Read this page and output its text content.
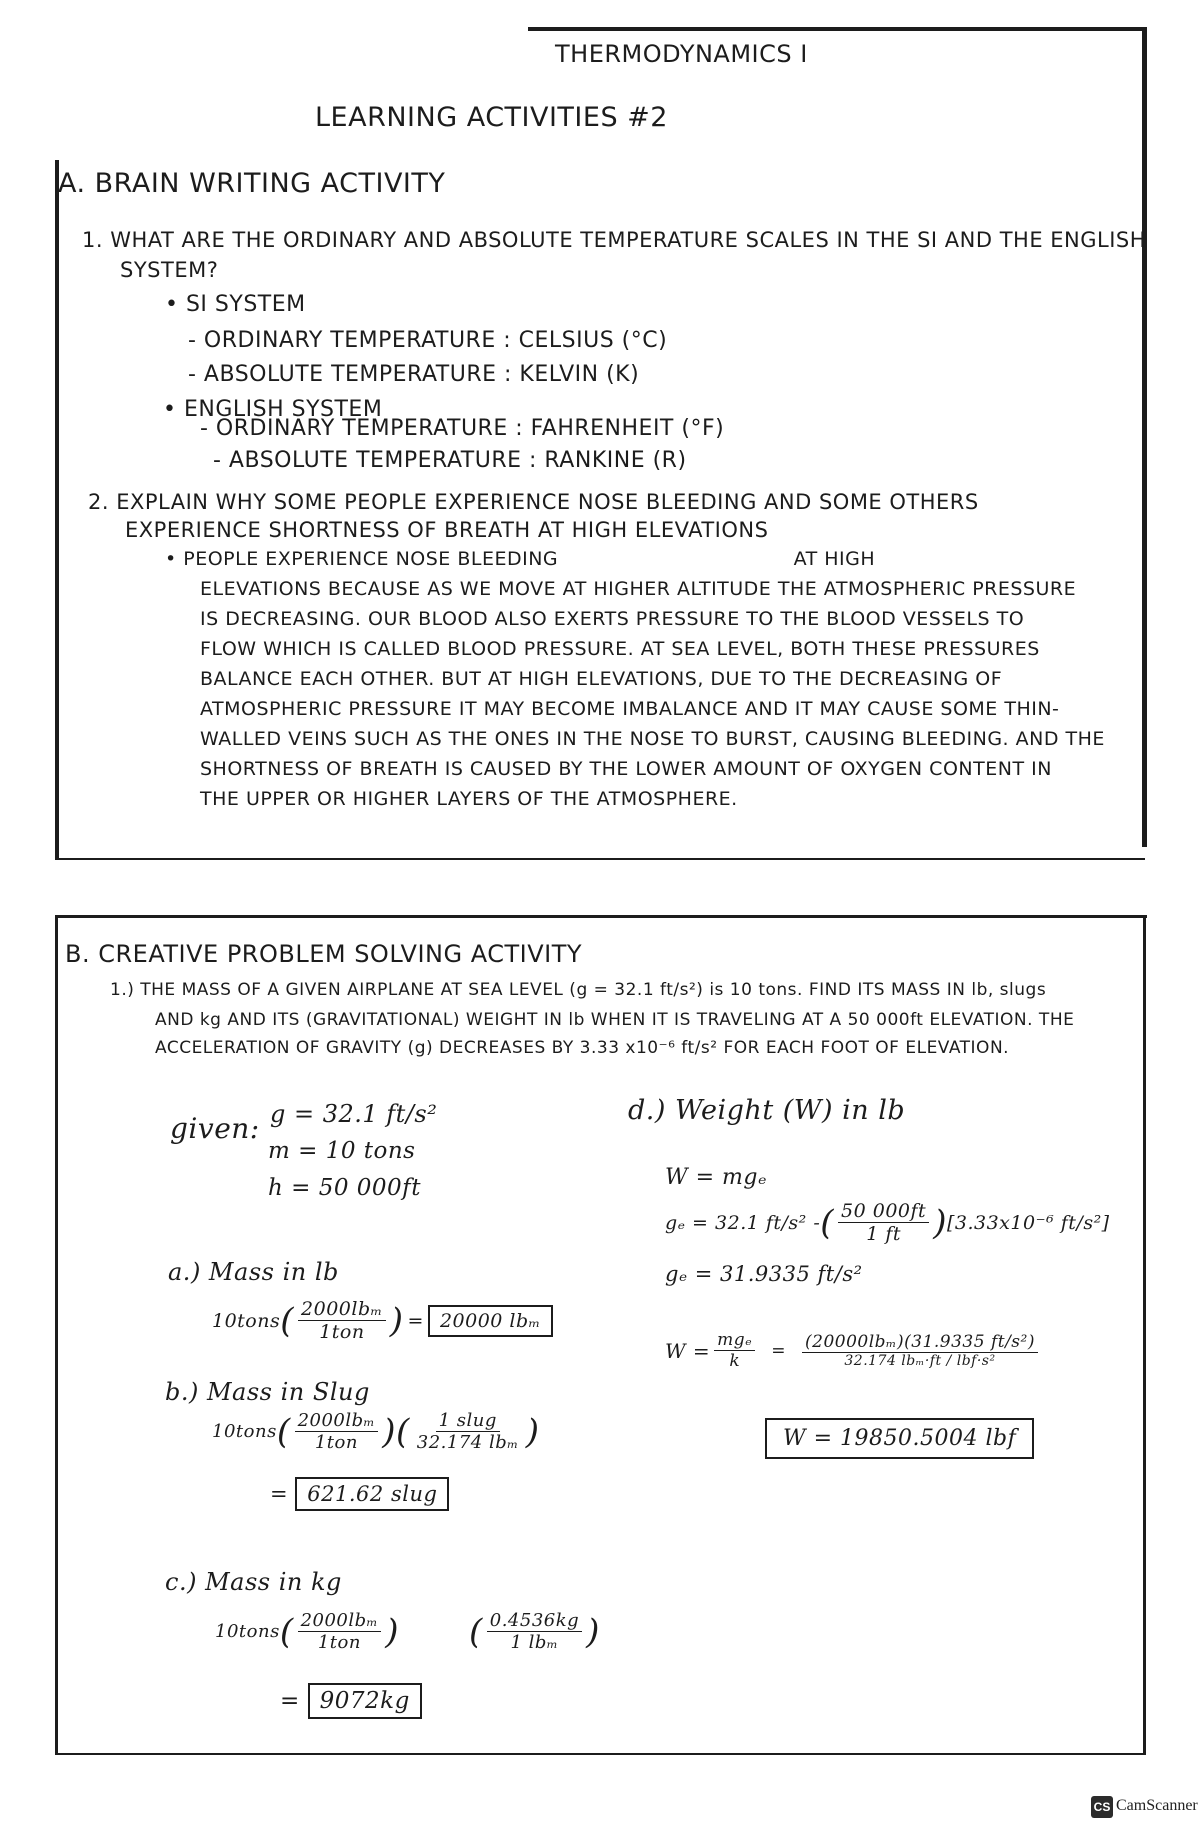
THERMODYNAMICS I
LEARNING ACTIVITIES #2
A. BRAIN WRITING ACTIVITY
1. WHAT ARE THE ORDINARY AND ABSOLUTE TEMPERATURE SCALES IN THE SI AND THE ENGLISH
SYSTEM?
• SI SYSTEM
- ORDINARY TEMPERATURE : CELSIUS (°C)
- ABSOLUTE TEMPERATURE : KELVIN (K)
• ENGLISH SYSTEM
- ORDINARY TEMPERATURE : FAHRENHEIT (°F)
- ABSOLUTE TEMPERATURE : RANKINE (R)
2. EXPLAIN WHY SOME PEOPLE EXPERIENCE NOSE BLEEDING AND SOME OTHERS
EXPERIENCE SHORTNESS OF BREATH AT HIGH ELEVATIONS
• PEOPLE EXPERIENCE NOSE BLEEDING                                    AT HIGH
ELEVATIONS BECAUSE AS WE MOVE AT HIGHER ALTITUDE THE ATMOSPHERIC PRESSURE
IS DECREASING. OUR BLOOD ALSO EXERTS PRESSURE TO THE BLOOD VESSELS TO
FLOW WHICH IS CALLED BLOOD PRESSURE. AT SEA LEVEL, BOTH THESE PRESSURES
BALANCE EACH OTHER. BUT AT HIGH ELEVATIONS, DUE TO THE DECREASING OF
ATMOSPHERIC PRESSURE IT MAY BECOME IMBALANCE AND IT MAY CAUSE SOME THIN-
WALLED VEINS SUCH AS THE ONES IN THE NOSE TO BURST, CAUSING BLEEDING. AND THE
SHORTNESS OF BREATH IS CAUSED BY THE LOWER AMOUNT OF OXYGEN CONTENT IN
THE UPPER OR HIGHER LAYERS OF THE ATMOSPHERE.
B. CREATIVE PROBLEM SOLVING ACTIVITY
1.) THE MASS OF A GIVEN AIRPLANE AT SEA LEVEL (g = 32.1 ft/s²) is 10 tons. FIND ITS MASS IN lb, slugs
AND kg AND ITS (GRAVITATIONAL) WEIGHT IN lb WHEN IT IS TRAVELING AT A 50 000ft ELEVATION. THE
ACCELERATION OF GRAVITY (g) DECREASES BY 3.33 x10⁻⁶ ft/s² FOR EACH FOOT OF ELEVATION.
given: g = 32.1 ft/s²
m = 10 tons
h = 50 000ft
a.) Mass in lb
10tons ( $\frac{\text{2000lbₘ}}{\text{1ton}}$ ) = 20000 lbₘ
b.) Mass in Slug
10tons ( $\frac{\text{2000lbₘ}}{\text{1ton}}$ ) ( $\frac{\text{1 slug}}{\text{32.174 lbₘ}}$ )
= 621.62 slug
c.) Mass in kg
10tons ( $\frac{\text{2000lbₘ}}{\text{1ton}}$ ) ( $\frac{0.4536kg}{\text{1 lbₘ}}$ )
= 9072kg
d.) Weight (W) in lb
W = mgₑ
gₑ = 32.1 ft/s² - ( $\frac{50 000ft}{1 ft}$ ) [3.33x10⁻⁶ ft/s²]
gₑ = 31.9335 ft/s²
$W = \frac{\text{mgₑ}}{k} = \frac{\text{(20000lbₘ)(31.9335 ft/s²)}}{\text{32.174 lbₘ·ft / lbf·s²}}$
W = 19850.5004 lbf
CS CamScanner
